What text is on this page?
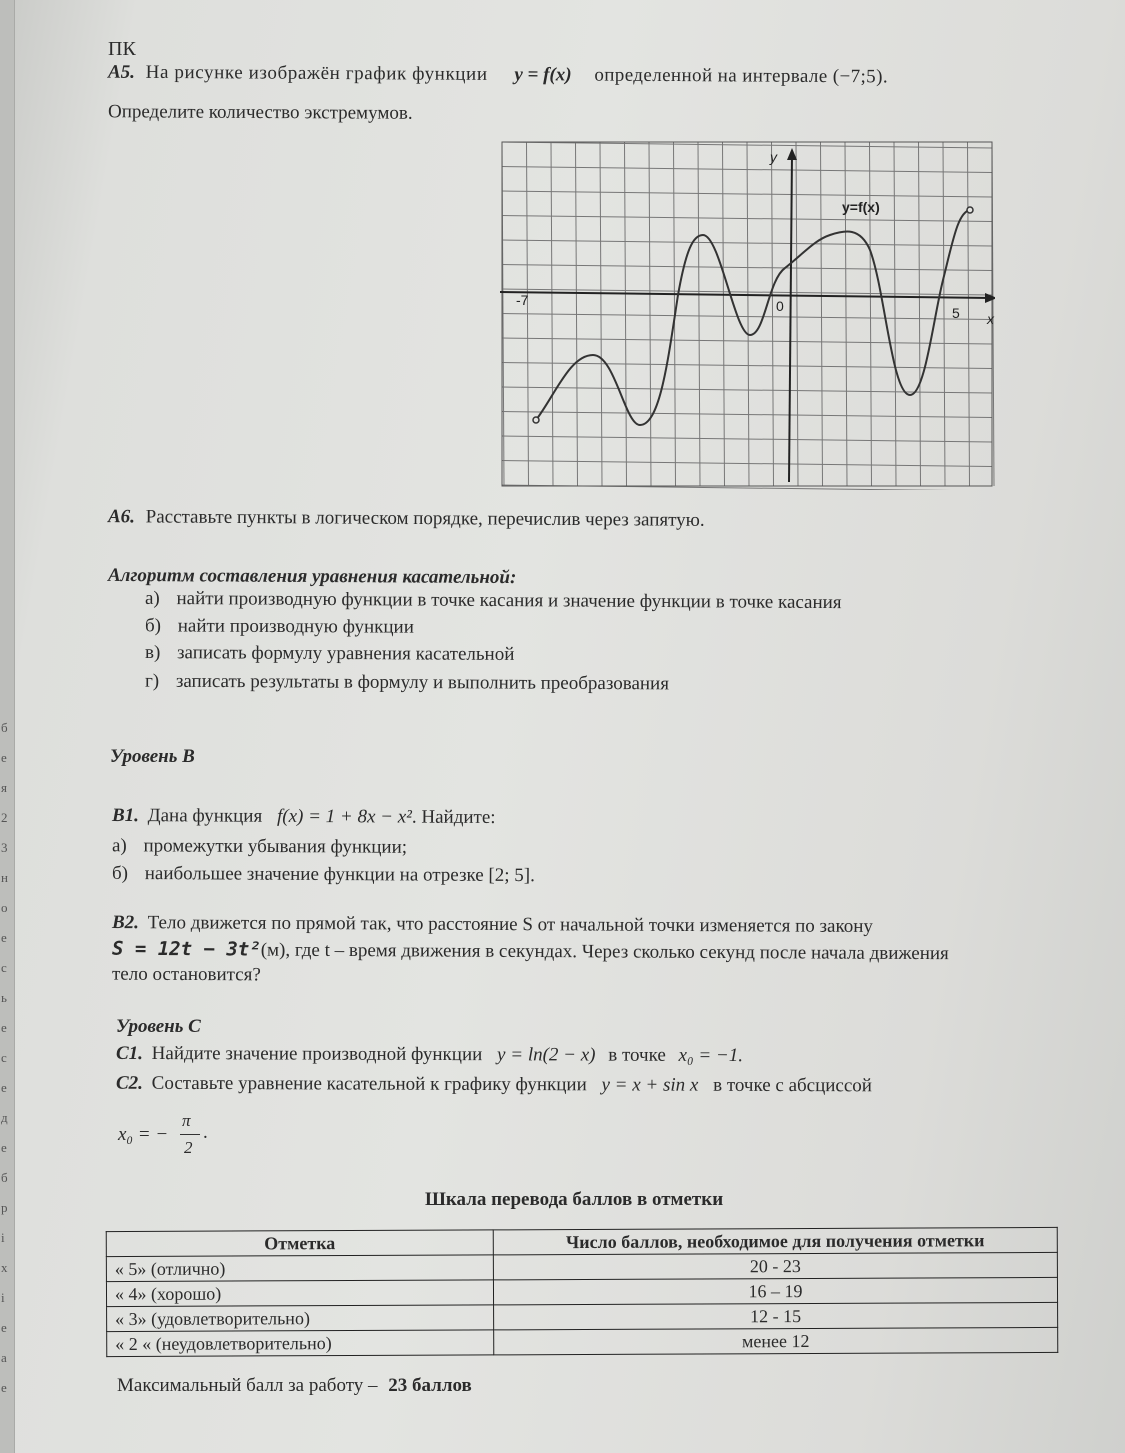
б
е
я
2
3
н
о
е
с
ь
е
с
е
д
е
б
р
і
х
і
е
а
е
ПК
А5. На рисунке изображён график функции y = f(x) определенной на интервале (−7;5).
Определите количество экстремумов.
y
x
y=f(x)
-7	0	5
А6. Расставьте пункты в логическом порядке, перечислив через запятую.
Алгоритм составления уравнения касательной:
а) найти производную функции в точке касания и значение функции в точке касания
б) найти производную функции
в) записать формулу уравнения касательной
г) записать результаты в формулу и выполнить преобразования
Уровень В
В1. Дана функция f(x) = 1 + 8x − x². Найдите:
а) промежутки убывания функции;
б) наибольшее значение функции на отрезке [2; 5].
В2. Тело движется по прямой так, что расстояние S от начальной точки изменяется по закону
S = 12t − 3t²(м), где t – время движения в секундах. Через сколько секунд после начала движения
тело остановится?
Уровень С
С1. Найдите значение производной функции y = ln(2 − x) в точке x₀ = −1.
С2. Составьте уравнение касательной к графику функции y = x + sin x в точке с абсциссой
x₀ = −
π
2
.
Шкала перевода баллов в отметки
Отметка	Число баллов, необходимое для получения отметки
« 5» (отлично)	20 - 23
« 4» (хорошо)	16 – 19
« 3» (удовлетворительно)	12 - 15
« 2 « (неудовлетворительно)	менее 12
Максимальный балл за работу – 23 баллов
